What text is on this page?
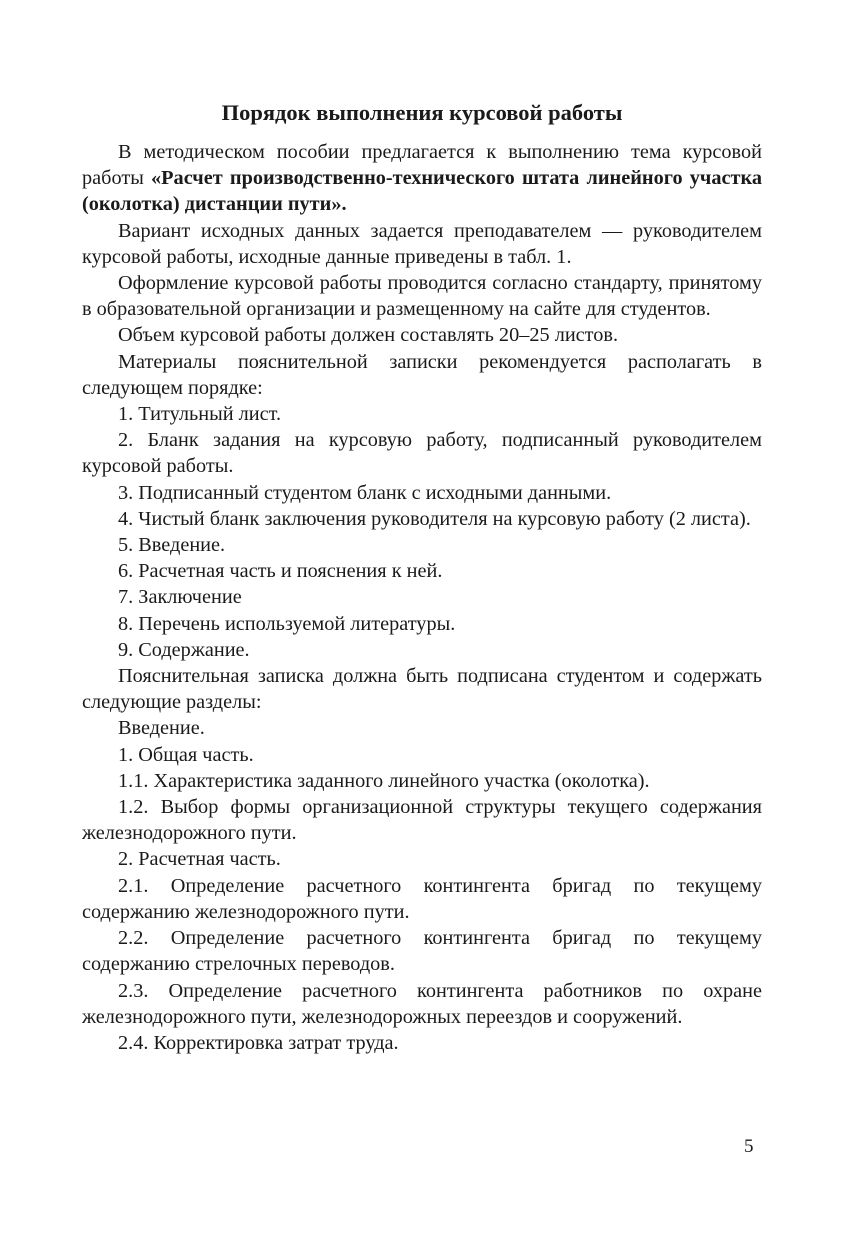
Порядок выполнения курсовой работы

В методическом пособии предлагается к выполнению тема курсовой работы «Расчет производственно-технического штата линейного участка (околотка) дистанции пути».

Вариант исходных данных задается преподавателем — руководителем курсовой работы, исходные данные приведены в табл. 1.

Оформление курсовой работы проводится согласно стандарту, принятому в образовательной организации и размещенному на сайте для студентов.

Объем курсовой работы должен составлять 20–25 листов.

Материалы пояснительной записки рекомендуется располагать в следующем порядке:

1. Титульный лист.

2. Бланк задания на курсовую работу, подписанный руководителем курсовой работы.

3. Подписанный студентом бланк с исходными данными.

4. Чистый бланк заключения руководителя на курсовую работу (2 листа).

5. Введение.

6. Расчетная часть и пояснения к ней.

7. Заключение

8. Перечень используемой литературы.

9. Содержание.

Пояснительная записка должна быть подписана студентом и содержать следующие разделы:

Введение.

1. Общая часть.

1.1. Характеристика заданного линейного участка (околотка).

1.2. Выбор формы организационной структуры текущего содержания железнодорожного пути.

2. Расчетная часть.

2.1. Определение расчетного контингента бригад по текущему содержанию железнодорожного пути.

2.2. Определение расчетного контингента бригад по текущему содержанию стрелочных переводов.

2.3. Определение расчетного контингента работников по охране железнодорожного пути, железнодорожных переездов и сооружений.

2.4. Корректировка затрат труда.

5
